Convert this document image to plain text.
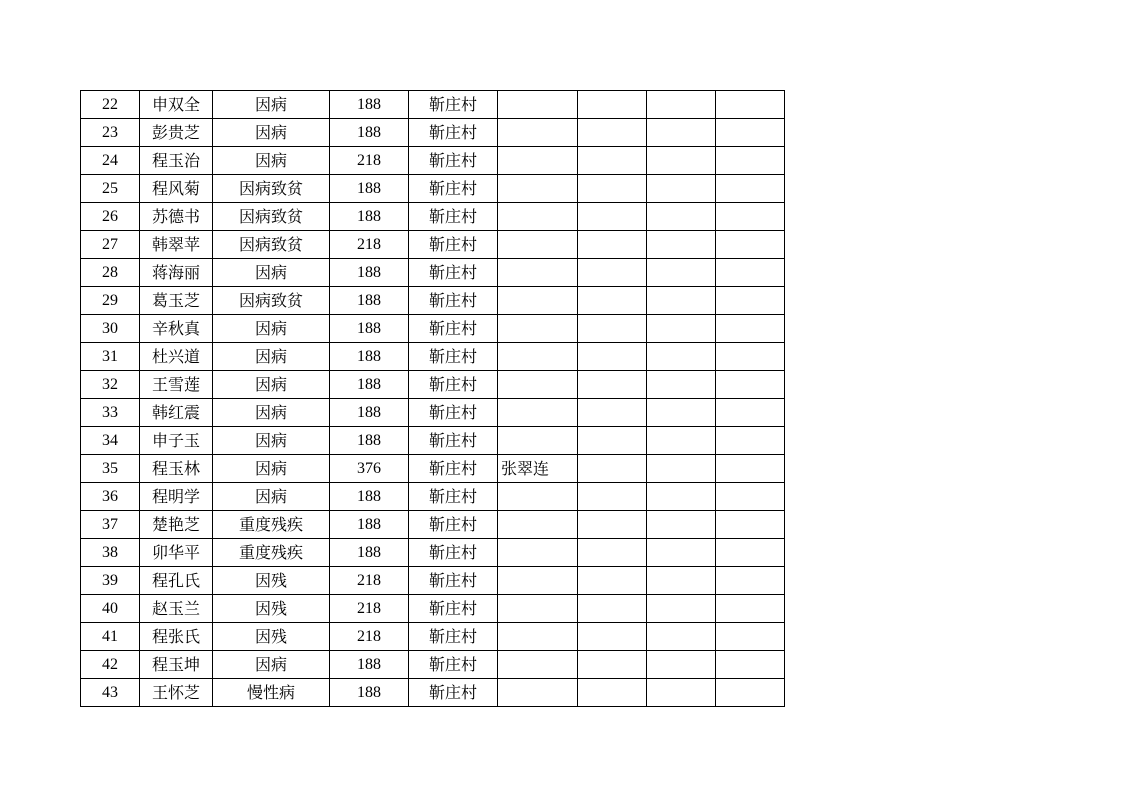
22	申双全	因病	188	靳庄村				
23	彭贵芝	因病	188	靳庄村				
24	程玉治	因病	218	靳庄村				
25	程风菊	因病致贫	188	靳庄村				
26	苏德书	因病致贫	188	靳庄村				
27	韩翠苹	因病致贫	218	靳庄村				
28	蒋海丽	因病	188	靳庄村				
29	葛玉芝	因病致贫	188	靳庄村				
30	辛秋真	因病	188	靳庄村				
31	杜兴道	因病	188	靳庄村				
32	王雪莲	因病	188	靳庄村				
33	韩红震	因病	188	靳庄村				
34	申子玉	因病	188	靳庄村				
35	程玉林	因病	376	靳庄村	张翠连			
36	程明学	因病	188	靳庄村				
37	楚艳芝	重度残疾	188	靳庄村				
38	卯华平	重度残疾	188	靳庄村				
39	程孔氏	因残	218	靳庄村				
40	赵玉兰	因残	218	靳庄村				
41	程张氏	因残	218	靳庄村				
42	程玉坤	因病	188	靳庄村				
43	王怀芝	慢性病	188	靳庄村				
